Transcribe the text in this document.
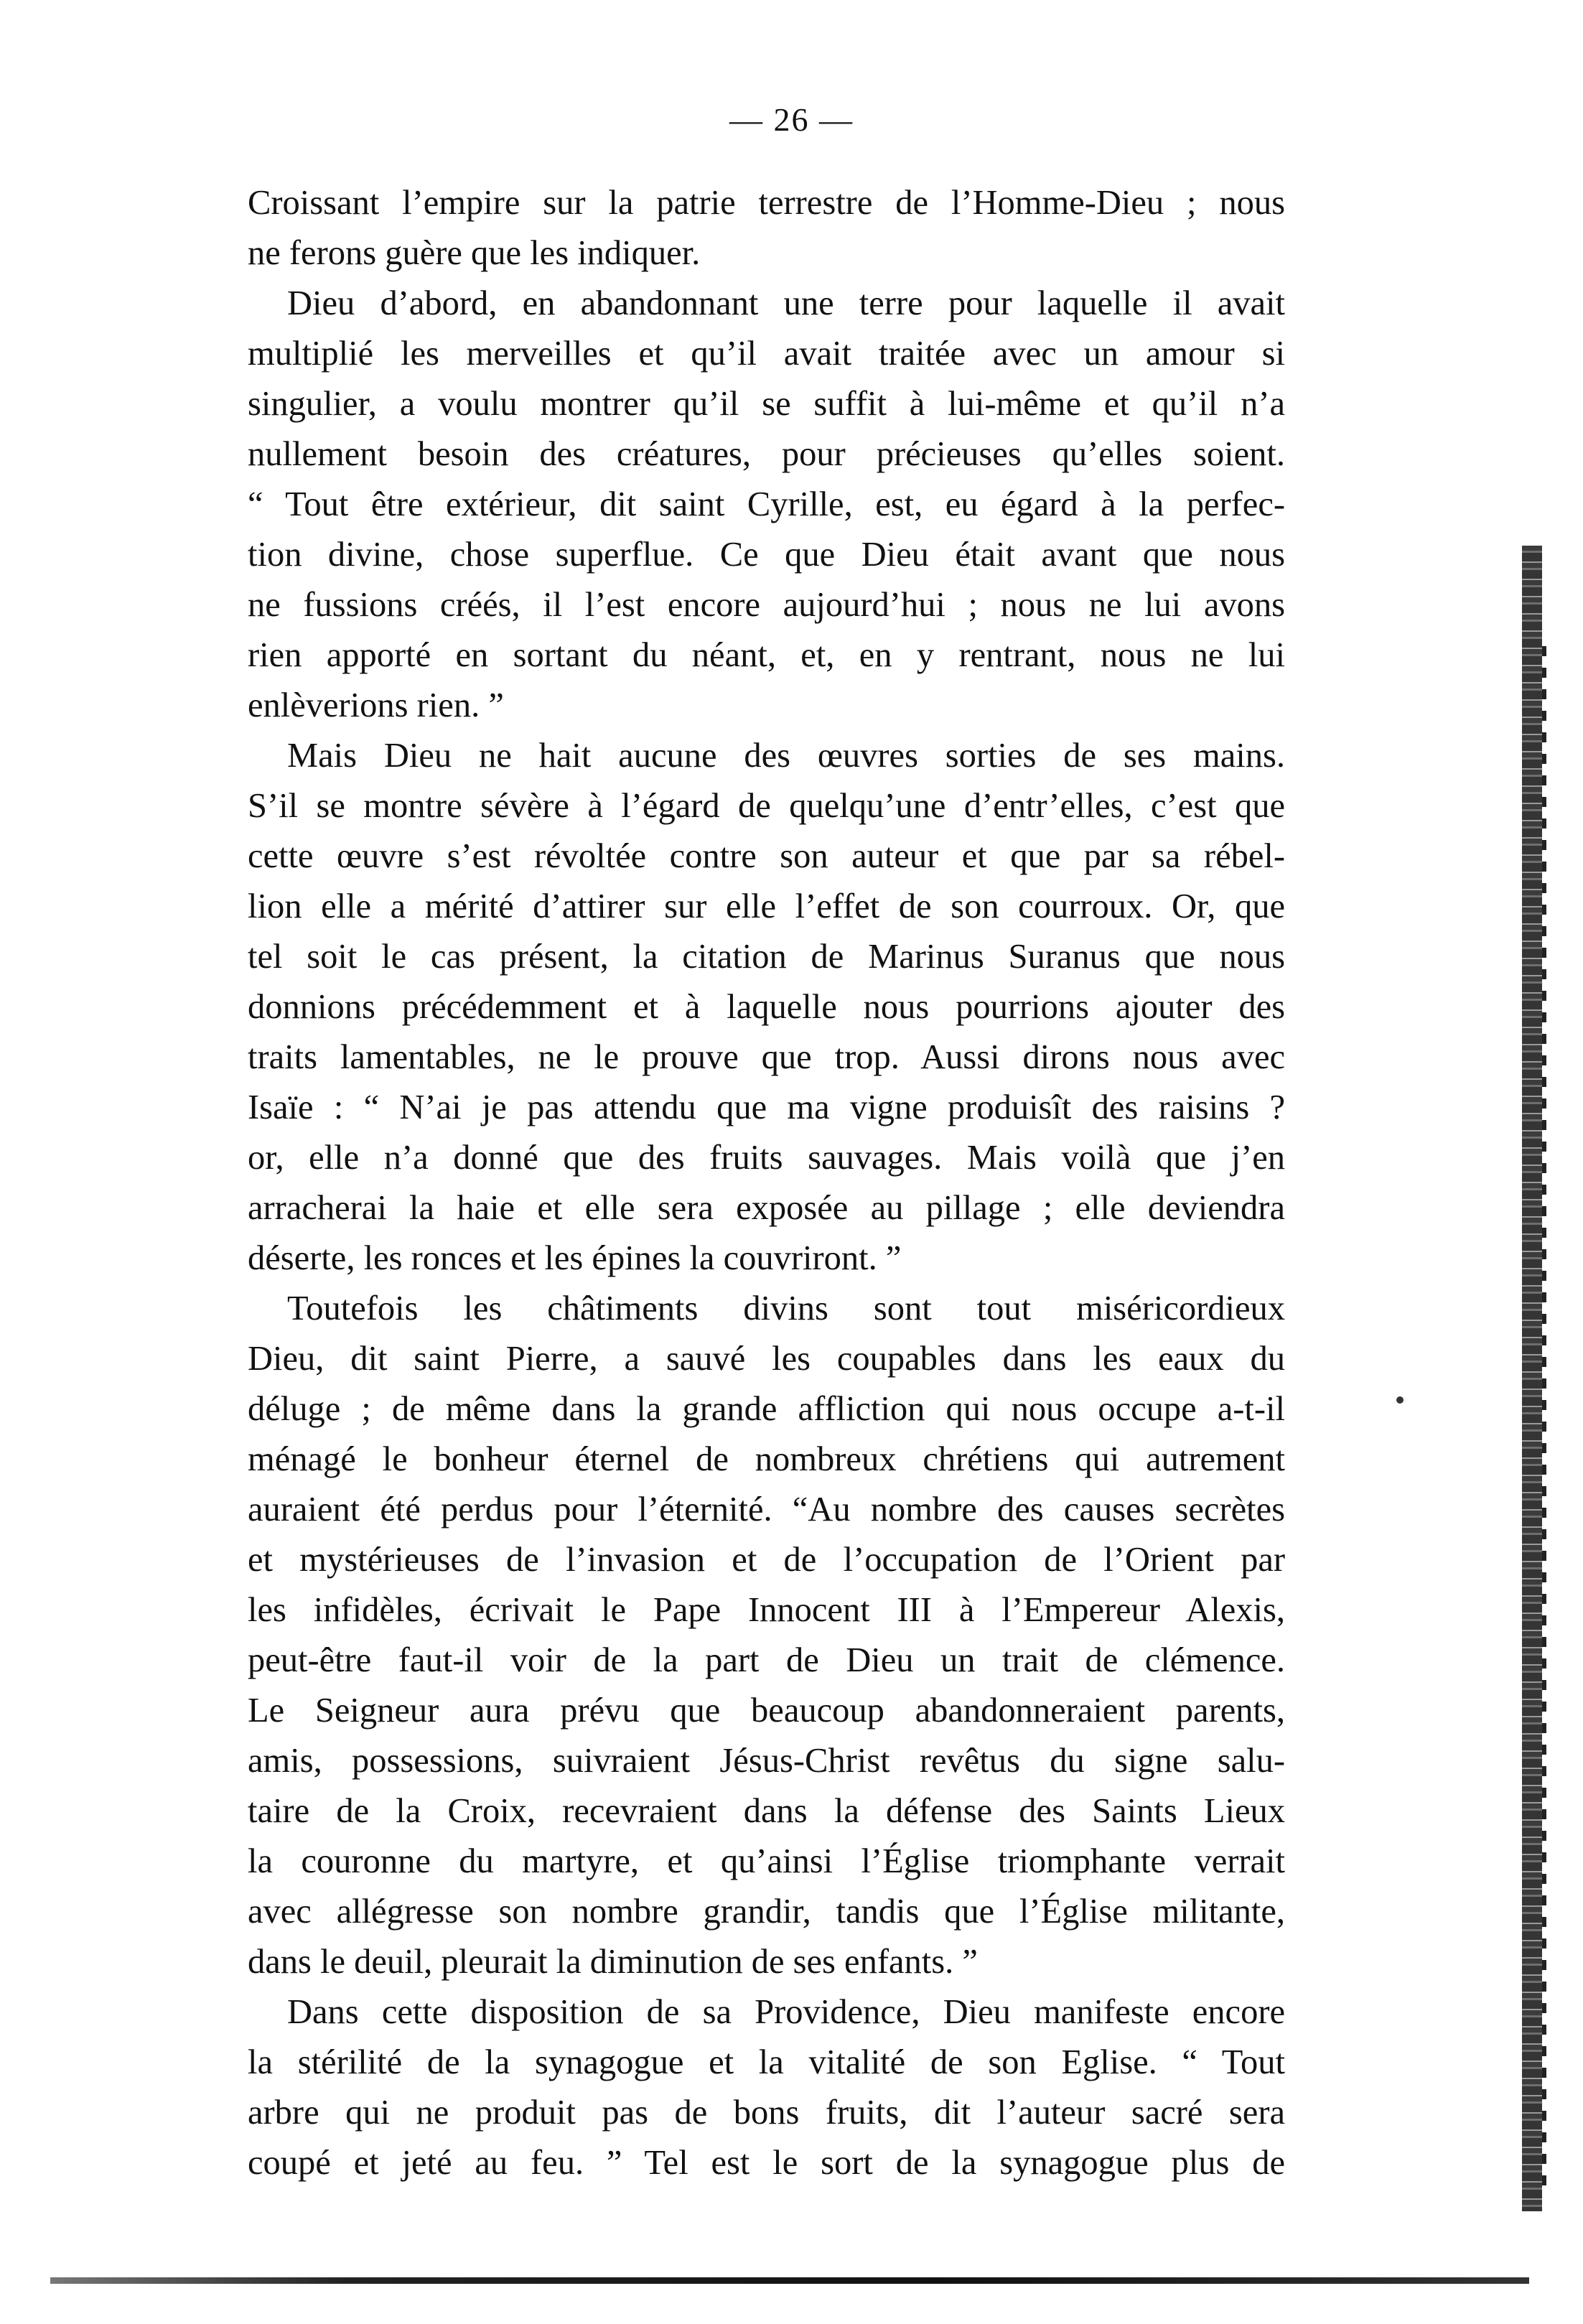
— 26 —
Croissant l’empire sur la patrie terrestre de l’Homme-Dieu ; nous
ne ferons guère que les indiquer.
Dieu d’abord, en abandonnant une terre pour laquelle il avait
multiplié les merveilles et qu’il avait traitée avec un amour si
singulier, a voulu montrer qu’il se suffit à lui-même et qu’il n’a
nullement besoin des créatures, pour précieuses qu’elles soient.
“ Tout être extérieur, dit saint Cyrille, est, eu égard à la perfec-
tion divine, chose superflue. Ce que Dieu était avant que nous
ne fussions créés, il l’est encore aujourd’hui ; nous ne lui avons
rien apporté en sortant du néant, et, en y rentrant, nous ne lui
enlèverions rien. ”
Mais Dieu ne hait aucune des œuvres sorties de ses mains.
S’il se montre sévère à l’égard de quelqu’une d’entr’elles, c’est que
cette œuvre s’est révoltée contre son auteur et que par sa rébel-
lion elle a mérité d’attirer sur elle l’effet de son courroux. Or, que
tel soit le cas présent, la citation de Marinus Suranus que nous
donnions précédemment et à laquelle nous pourrions ajouter des
traits lamentables, ne le prouve que trop. Aussi dirons nous avec
Isaïe : “ N’ai je pas attendu que ma vigne produisît des raisins ?
or, elle n’a donné que des fruits sauvages. Mais voilà que j’en
arracherai la haie et elle sera exposée au pillage ; elle deviendra
déserte, les ronces et les épines la couvriront. ”
Toutefois les châtiments divins sont tout miséricordieux
Dieu, dit saint Pierre, a sauvé les coupables dans les eaux du
déluge ; de même dans la grande affliction qui nous occupe a-t-il
ménagé le bonheur éternel de nombreux chrétiens qui autrement
auraient été perdus pour l’éternité. “Au nombre des causes secrètes
et mystérieuses de l’invasion et de l’occupation de l’Orient par
les infidèles, écrivait le Pape Innocent III à l’Empereur Alexis,
peut-être faut-il voir de la part de Dieu un trait de clémence.
Le Seigneur aura prévu que beaucoup abandonneraient parents,
amis, possessions, suivraient Jésus-Christ revêtus du signe salu-
taire de la Croix, recevraient dans la défense des Saints Lieux
la couronne du martyre, et qu’ainsi l’Église triomphante verrait
avec allégresse son nombre grandir, tandis que l’Église militante,
dans le deuil, pleurait la diminution de ses enfants. ”
Dans cette disposition de sa Providence, Dieu manifeste encore
la stérilité de la synagogue et la vitalité de son Eglise. “ Tout
arbre qui ne produit pas de bons fruits, dit l’auteur sacré sera
coupé et jeté au feu. ” Tel est le sort de la synagogue plus de
